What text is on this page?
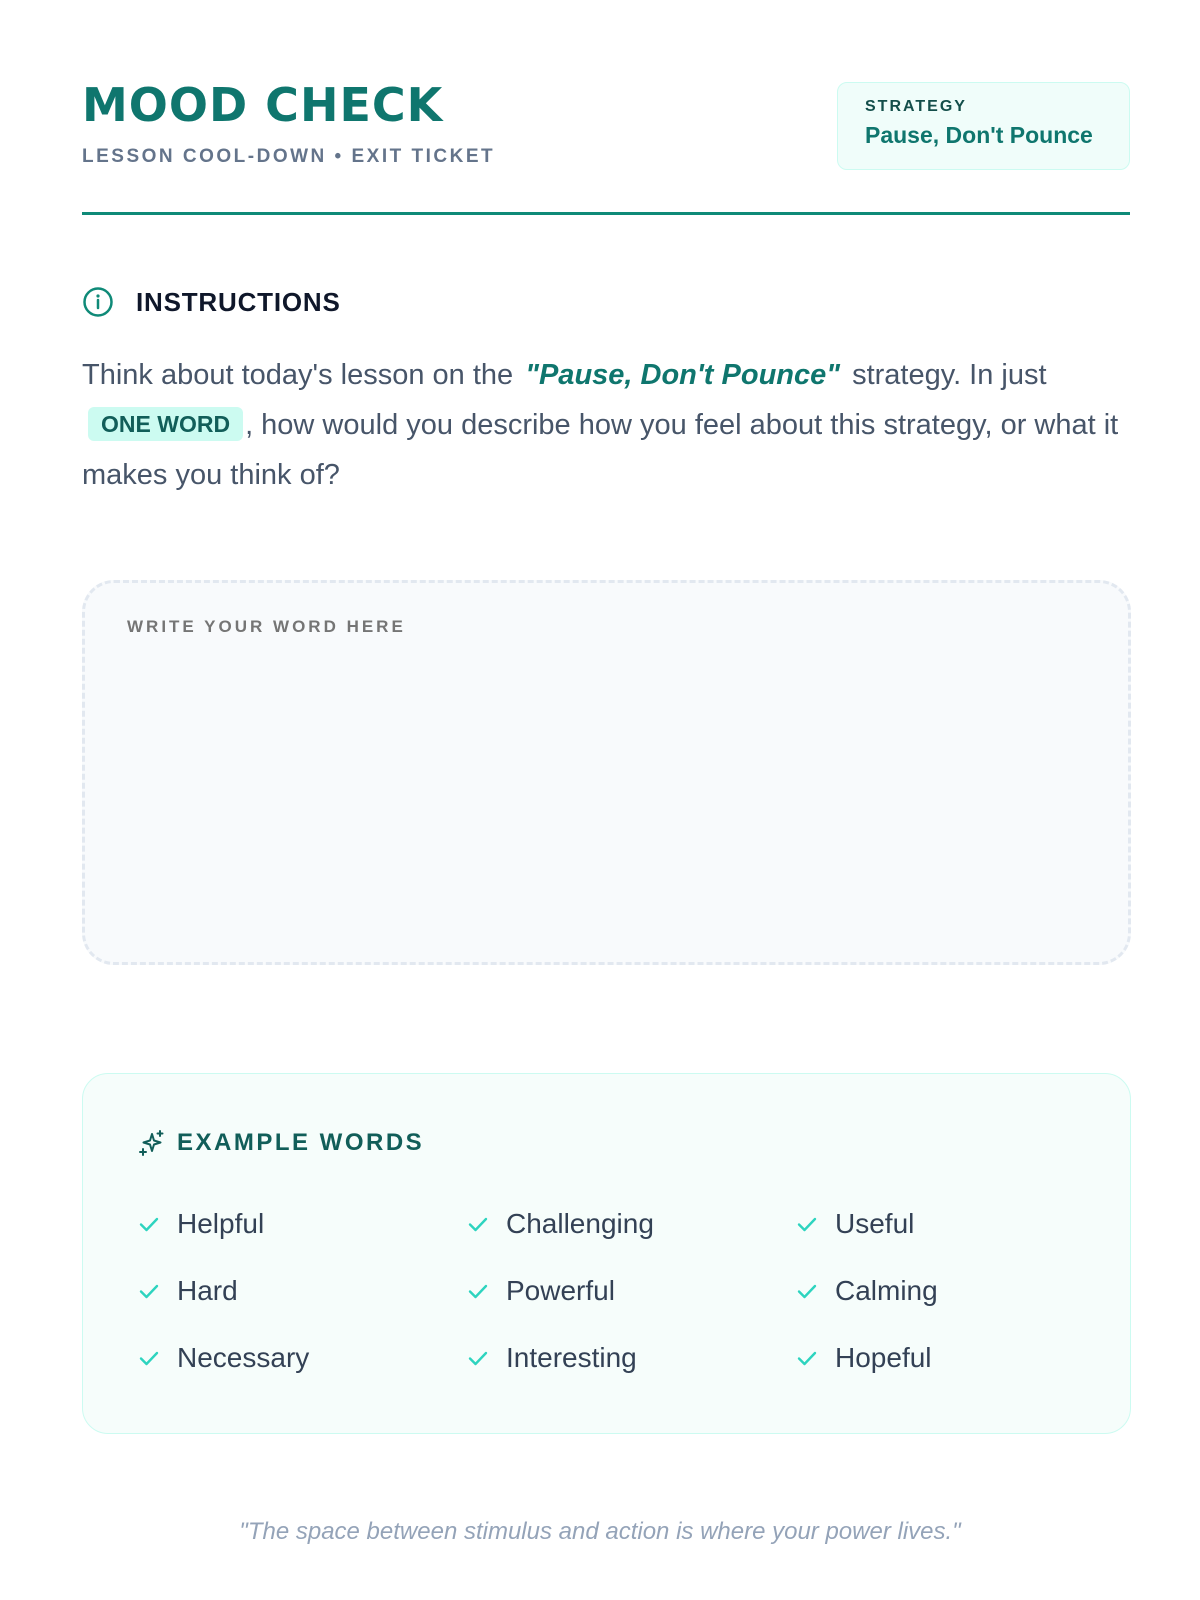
MOOD CHECK
LESSON COOL-DOWN • EXIT TICKET
STRATEGY
Pause, Don't Pounce
INSTRUCTIONS

Think about today's lesson on the "Pause, Don't Pounce" strategy. In justONE WORD , how would you describe how you feel about this strategy, or what it makes you think of?

WRITE YOUR WORD HERE
EXAMPLE WORDS
Helpful	Challenging	Useful
Hard	Powerful	Calming
Necessary	Interesting	Hopeful
"The space between stimulus and action is where your power lives."
